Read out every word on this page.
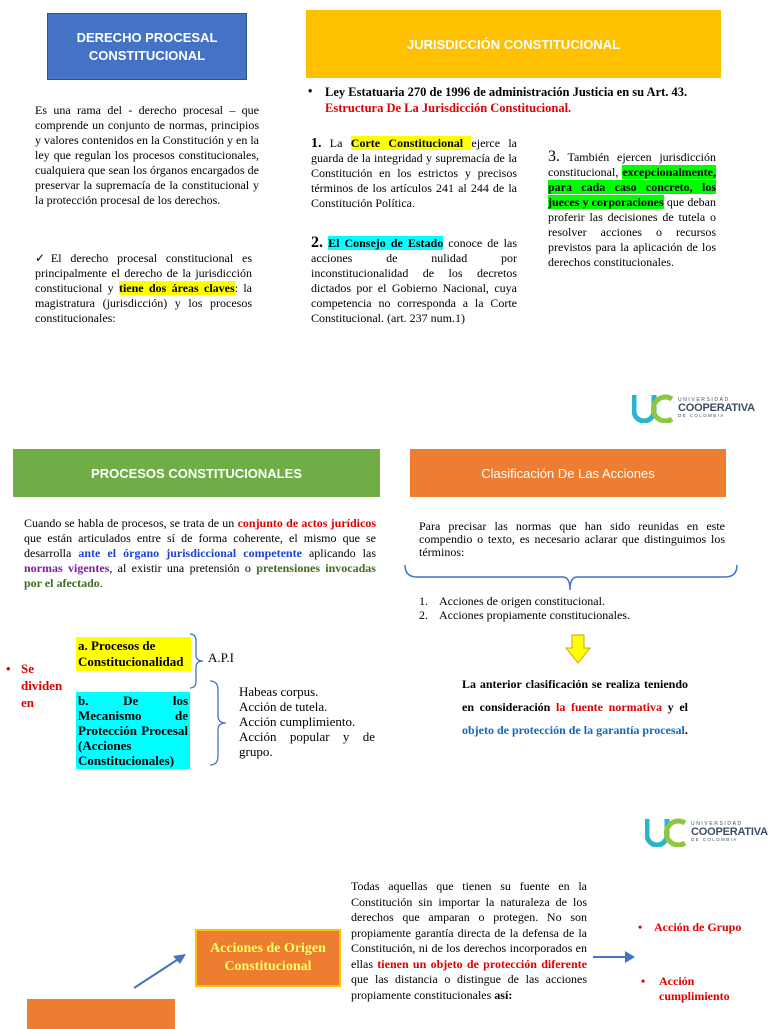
DERECHO PROCESAL CONSTITUCIONAL
JURISDICCIÓN CONSTITUCIONAL
Es una rama del - derecho procesal – que comprende un conjunto de normas, principios y valores contenidos en la Constitución y en la ley que regulan los procesos constitucionales, cualquiera que sean los órganos encargados de preservar la supremacía de la constitucional y la protección procesal de los derechos.
✓El derecho procesal constitucional es principalmente el derecho de la jurisdicción constitucional y tiene dos áreas claves: la magistratura (jurisdicción) y los procesos constitucionales:
• Ley Estatuaria 270 de 1996 de administración Justicia en su Art. 43.
Estructura De La Jurisdicción Constitucional.
1. La Corte Constitucional ejerce la guarda de la integridad y supremacía de la Constitución en los estrictos y precisos términos de los artículos 241 al 244 de la Constitución Política.
2. El Consejo de Estado conoce de las acciones de nulidad por inconstitucionalidad de los decretos dictados por el Gobierno Nacional, cuya competencia no corresponda a la Corte Constitucional. (art. 237 num.1)
3. También ejercen jurisdicción constitucional, excepcionalmente, para cada caso concreto, los jueces y corporaciones que deban proferir las decisiones de tutela o resolver acciones o recursos previstos para la aplicación de los derechos constitucionales.
UNIVERSIDAD
COOPERATIVA
DE COLOMBIA
PROCESOS CONSTITUCIONALES	Clasificación De Las Acciones
Cuando se habla de procesos, se trata de un conjunto de actos jurídicos que están articulados entre sí de forma coherente, el mismo que se desarrolla ante el órgano jurisdiccional competente aplicando las normas vigentes, al existir una pretensión o pretensiones invocadas por el afectado.
• Se dividen en
a. Procesos de Constitucionalidad	A.P.I
b. De los Mecanismo de Protección Procesal (Acciones Constitucionales)
Habeas corpus.
Acción de tutela.
Acción cumplimiento.
Acción popular y de grupo.
Para precisar las normas que han sido reunidas en este compendio o texto, es necesario aclarar que distinguimos los términos:
1. Acciones de origen constitucional.
2. Acciones propiamente constitucionales.
La anterior clasificación se realiza teniendo en consideración la fuente normativa y el objeto de protección de la garantía procesal.
UNIVERSIDAD
COOPERATIVA
DE COLOMBIA
Acciones de Origen Constitucional
Todas aquellas que tienen su fuente en la Constitución sin importar la naturaleza de los derechos que amparan o protegen. No son propiamente garantía directa de la defensa de la Constitución, ni de los derechos incorporados en ellas tienen un objeto de protección diferente que las distancia o distingue de las acciones propiamente constitucionales así:
• Acción de Grupo
• Acción cumplimiento
